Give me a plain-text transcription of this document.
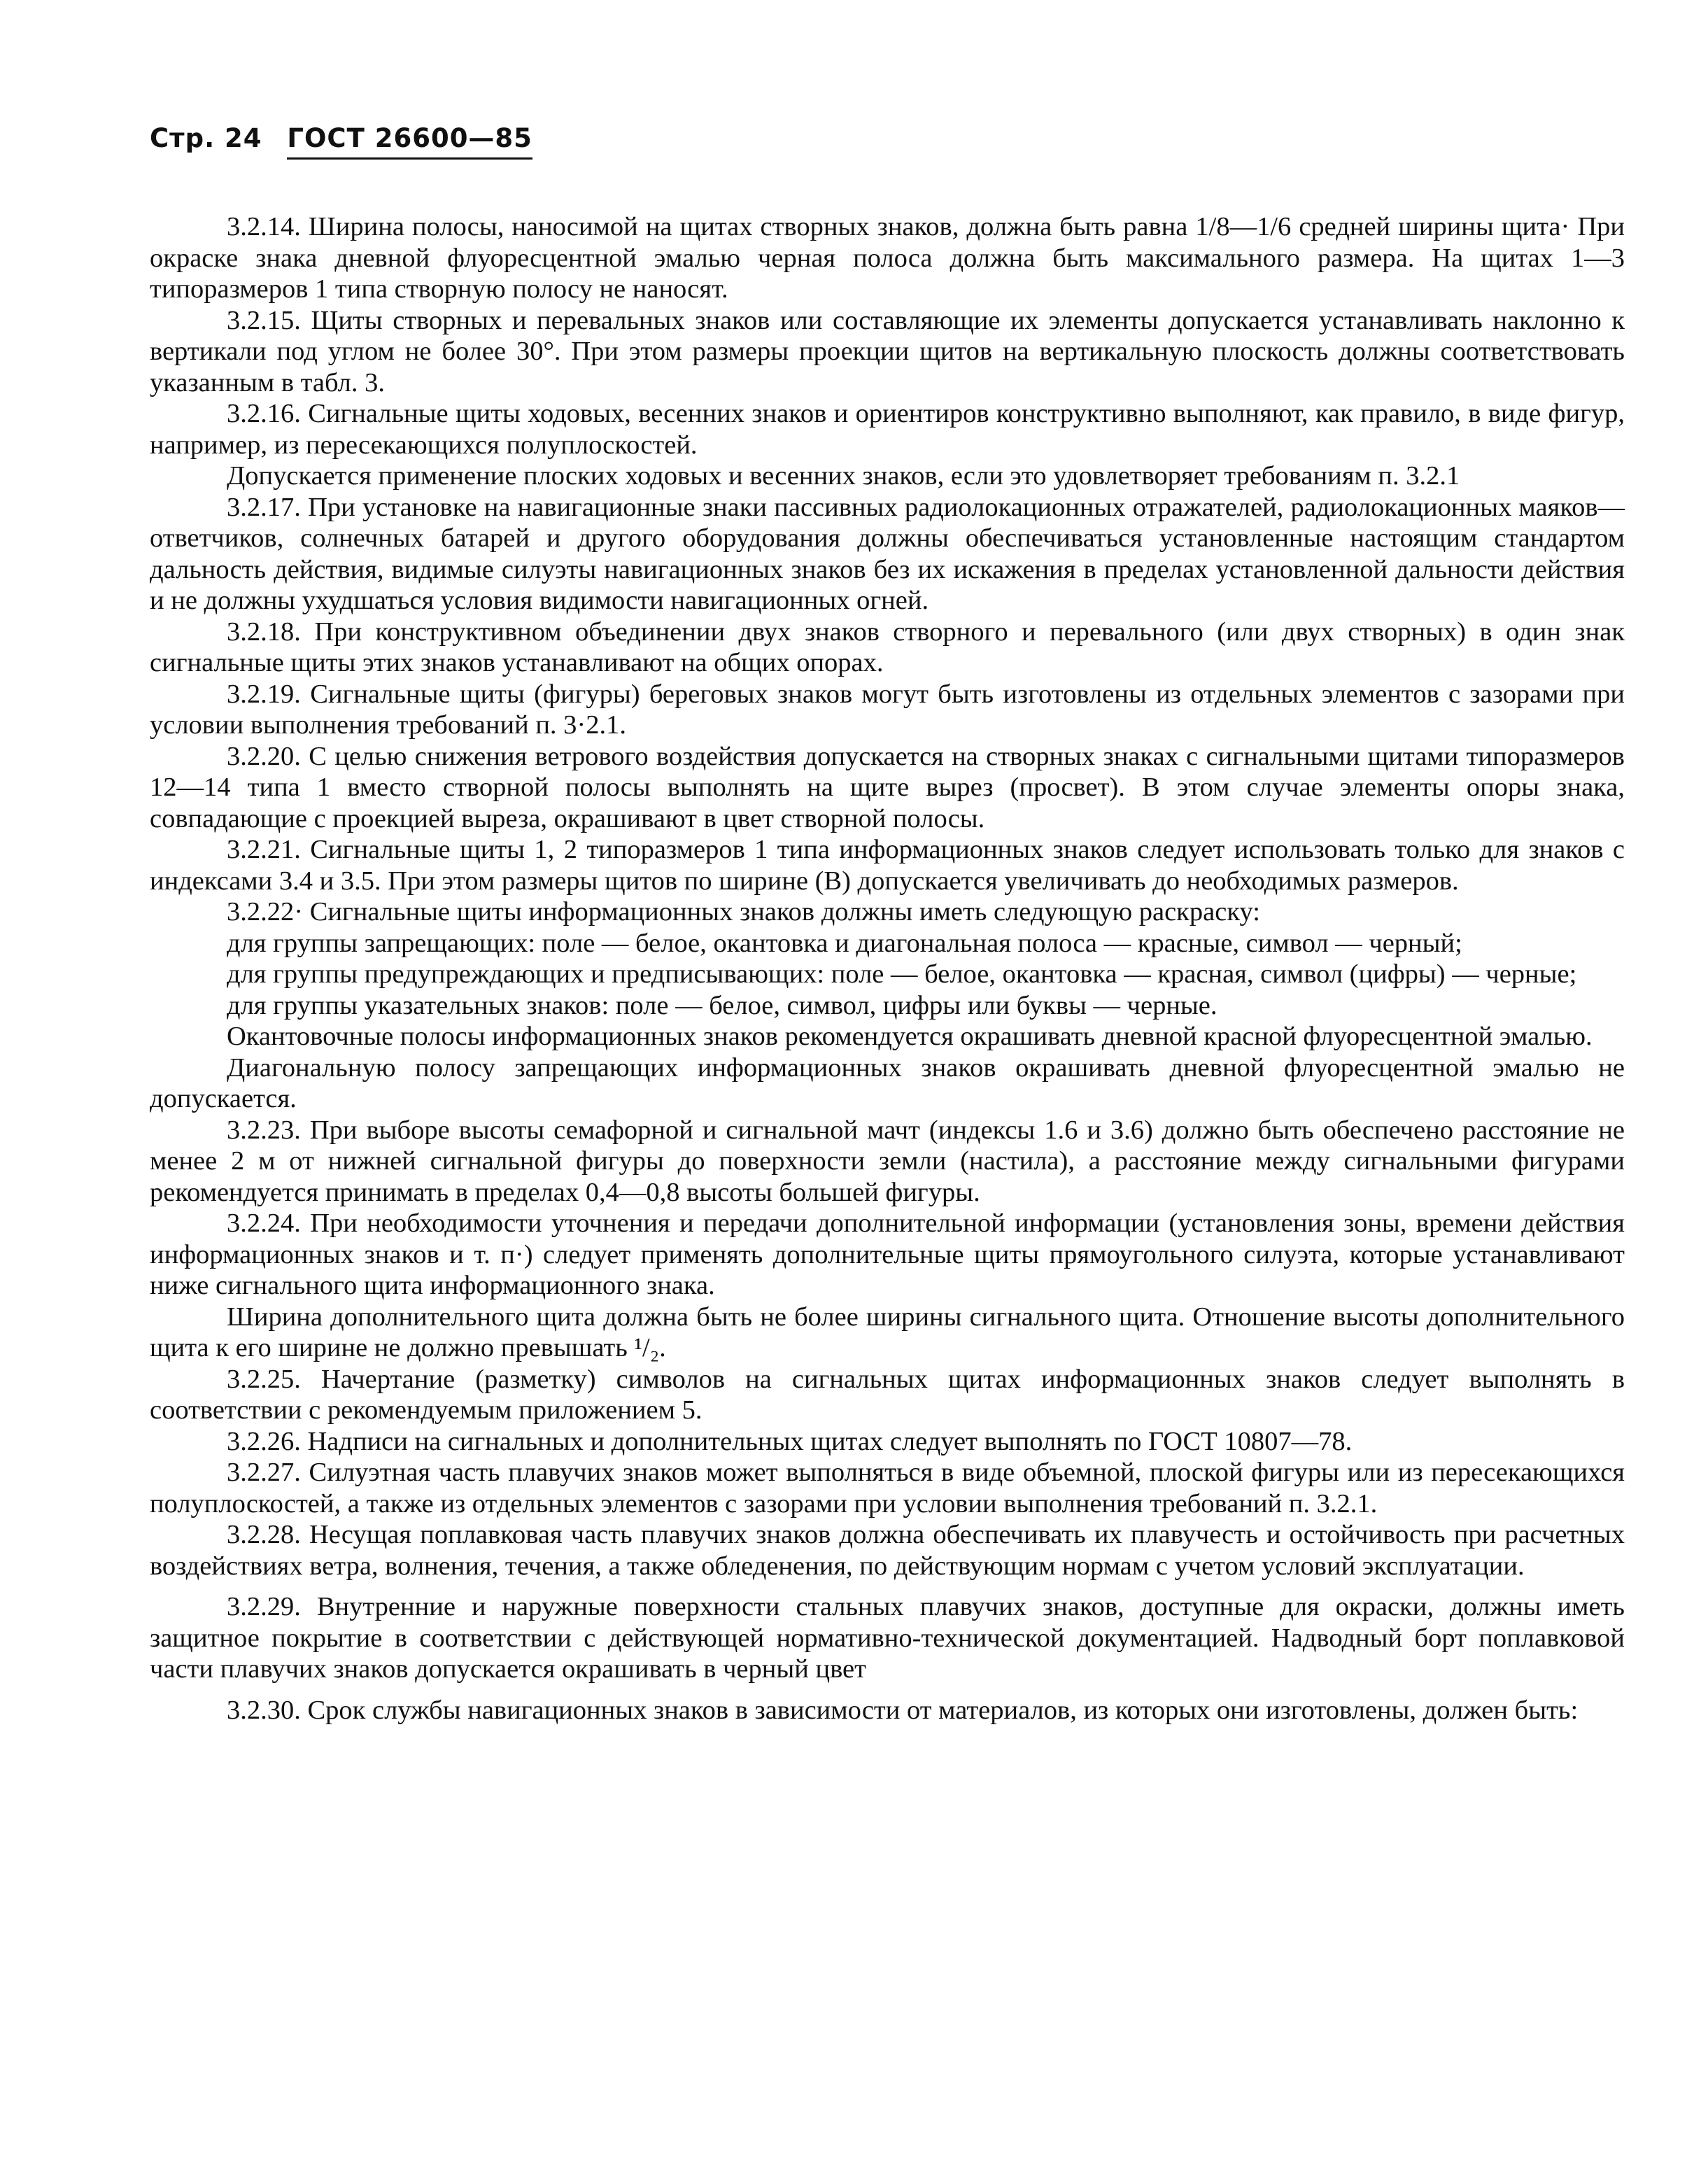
Стр. 24 ГОСТ 26600—85

3.2.14. Ширина полосы, наносимой на щитах створных знаков, должна быть равна 1/8—1/6 средней ширины щита· При окраске знака дневной флуоресцентной эмалью черная полоса должна быть максимального размера. На щитах 1—3 типоразмеров 1 типа створную полосу не наносят.

3.2.15. Щиты створных и перевальных знаков или составляющие их элементы допускается устанавливать наклонно к вертикали под углом не более 30°. При этом размеры проекции щитов на вертикальную плоскость должны соответствовать указанным в табл. 3.

3.2.16. Сигнальные щиты ходовых, весенних знаков и ориентиров конструктивно выполняют, как правило, в виде фигур, например, из пересекающихся полуплоскостей.

Допускается применение плоских ходовых и весенних знаков, если это удовлетворяет требованиям п. 3.2.1

3.2.17. При установке на навигационные знаки пассивных радиолокационных отражателей, радиолокационных маяков—ответчиков, солнечных батарей и другого оборудования должны обеспечиваться установленные настоящим стандартом дальность действия, видимые силуэты навигационных знаков без их искажения в пределах установленной дальности действия и не должны ухудшаться условия видимости навигационных огней.

3.2.18. При конструктивном объединении двух знаков створного и перевального (или двух створных) в один знак сигнальные щиты этих знаков устанавливают на общих опорах.

3.2.19. Сигнальные щиты (фигуры) береговых знаков могут быть изготовлены из отдельных элементов с зазорами при условии выполнения требований п. 3·2.1.

3.2.20. С целью снижения ветрового воздействия допускается на створных знаках с сигнальными щитами типоразмеров 12—14 типа 1 вместо створной полосы выполнять на щите вырез (просвет). В этом случае элементы опоры знака, совпадающие с проекцией выреза, окрашивают в цвет створной полосы.

3.2.21. Сигнальные щиты 1, 2 типоразмеров 1 типа информационных знаков следует использовать только для знаков с индексами 3.4 и 3.5. При этом размеры щитов по ширине (В) допускается увеличивать до необходимых размеров.

3.2.22· Сигнальные щиты информационных знаков должны иметь следующую раскраску:

для группы запрещающих: поле — белое, окантовка и диагональная полоса — красные, символ — черный;

для группы предупреждающих и предписывающих: поле — белое, окантовка — красная, символ (цифры) — черные;

для группы указательных знаков: поле — белое, символ, цифры или буквы — черные.

Окантовочные полосы информационных знаков рекомендуется окрашивать дневной красной флуоресцентной эмалью.

Диагональную полосу запрещающих информационных знаков окрашивать дневной флуоресцентной эмалью не допускается.

3.2.23. При выборе высоты семафорной и сигнальной мачт (индексы 1.6 и 3.6) должно быть обеспечено расстояние не менее 2 м от нижней сигнальной фигуры до поверхности земли (настила), а расстояние между сигнальными фигурами рекомендуется принимать в пределах 0,4—0,8 высоты большей фигуры.

3.2.24. При необходимости уточнения и передачи дополнительной информации (установления зоны, времени действия информационных знаков и т. п·) следует применять дополнительные щиты прямоугольного силуэта, которые устанавливают ниже сигнального щита информационного знака.

Ширина дополнительного щита должна быть не более ширины сигнального щита. Отношение высоты дополнительного щита к его ширине не должно превышать ¹/₂.

3.2.25. Начертание (разметку) символов на сигнальных щитах информационных знаков следует выполнять в соответствии с рекомендуемым приложением 5.

3.2.26. Надписи на сигнальных и дополнительных щитах следует выполнять по ГОСТ 10807—78.

3.2.27. Силуэтная часть плавучих знаков может выполняться в виде объемной, плоской фигуры или из пересекающихся полуплоскостей, а также из отдельных элементов с зазорами при условии выполнения требований п. 3.2.1.

3.2.28. Несущая поплавковая часть плавучих знаков должна обеспечивать их плавучесть и остойчивость при расчетных воздействиях ветра, волнения, течения, а также обледенения, по действующим нормам с учетом условий эксплуатации.

3.2.29. Внутренние и наружные поверхности стальных плавучих знаков, доступные для окраски, должны иметь защитное покрытие в соответствии с действующей нормативно-технической документацией. Надводный борт поплавковой части плавучих знаков допускается окрашивать в черный цвет

3.2.30. Срок службы навигационных знаков в зависимости от материалов, из которых они изготовлены, должен быть:
